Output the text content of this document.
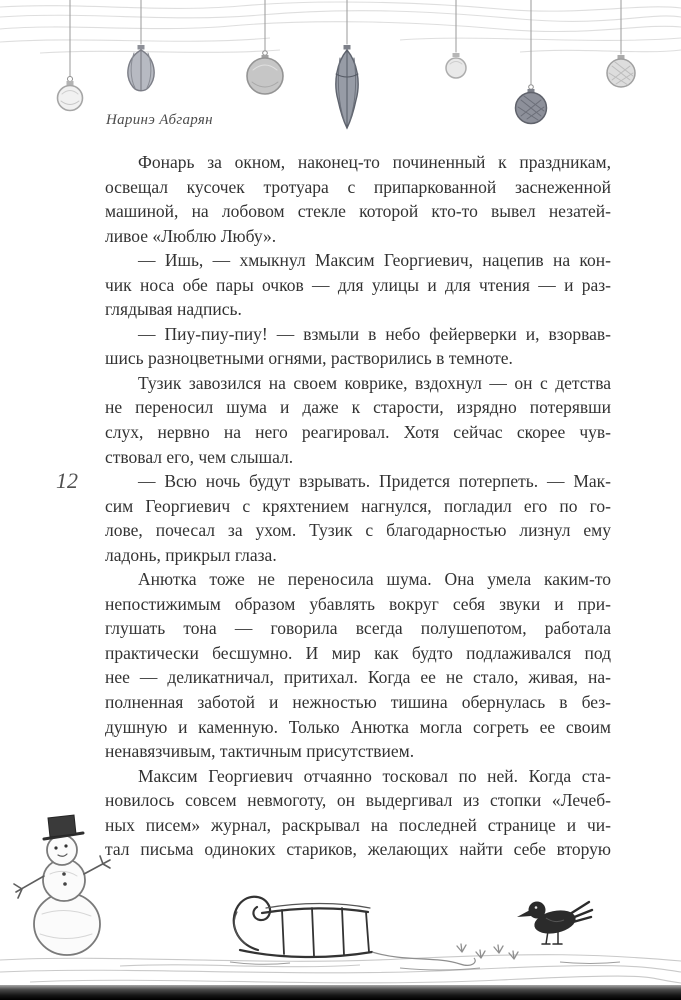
Наринэ Абгарян
12
Фонарь за окном, наконец-то починенный к праздникам,
освещал кусочек тротуара с припаркованной заснеженной
машиной, на лобовом стекле которой кто-то вывел незатей-
ливое «Люблю Любу».
— Ишь, — хмыкнул Максим Георгиевич, нацепив на кон-
чик носа обе пары очков — для улицы и для чтения — и раз-
глядывая надпись.
— Пиу-пиу-пиу! — взмыли в небо фейерверки и, взорвав-
шись разноцветными огнями, растворились в темноте.
Тузик завозился на своем коврике, вздохнул — он с детства
не переносил шума и даже к старости, изрядно потерявши
слух, нервно на него реагировал. Хотя сейчас скорее чув-
ствовал его, чем слышал.
— Всю ночь будут взрывать. Придется потерпеть. — Мак-
сим Георгиевич с кряхтением нагнулся, погладил его по го-
лове, почесал за ухом. Тузик с благодарностью лизнул ему
ладонь, прикрыл глаза.
Анютка тоже не переносила шума. Она умела каким-то
непостижимым образом убавлять вокруг себя звуки и при-
глушать тона — говорила всегда полушепотом, работала
практически бесшумно. И мир как будто подлаживался под
нее — деликатничал, притихал. Когда ее не стало, живая, на-
полненная заботой и нежностью тишина обернулась в без-
душную и каменную. Только Анютка могла согреть ее своим
ненавязчивым, тактичным присутствием.
Максим Георгиевич отчаянно тосковал по ней. Когда ста-
новилось совсем невмоготу, он выдергивал из стопки «Лечеб-
ных писем» журнал, раскрывал на последней странице и чи-
тал письма одиноких стариков, желающих найти себе вторую
